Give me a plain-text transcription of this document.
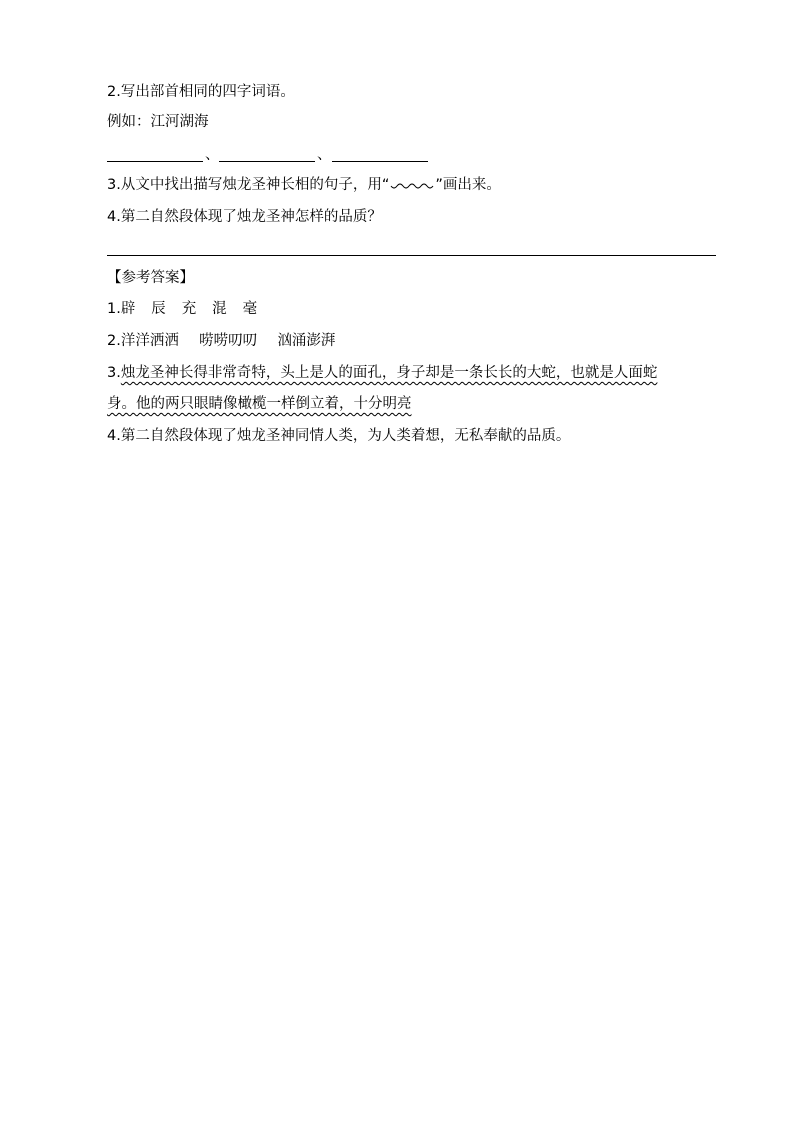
2.写出部首相同的四字词语。
例如：江河湖海
、	、
3.从文中找出描写烛龙圣神长相的句子，用“	”画出来。
4.第二自然段体现了烛龙圣神怎样的品质？
【参考答案】
1.辟 辰 充 混 毫
2.洋洋洒洒 唠唠叨叨 汹涌澎湃
3.烛龙圣神长得非常奇特，头上是人的面孔，身子却是一条长长的大蛇，也就是人面蛇
身。他的两只眼睛像橄榄一样倒立着，十分明亮
4.第二自然段体现了烛龙圣神同情人类，为人类着想，无私奉献的品质。
